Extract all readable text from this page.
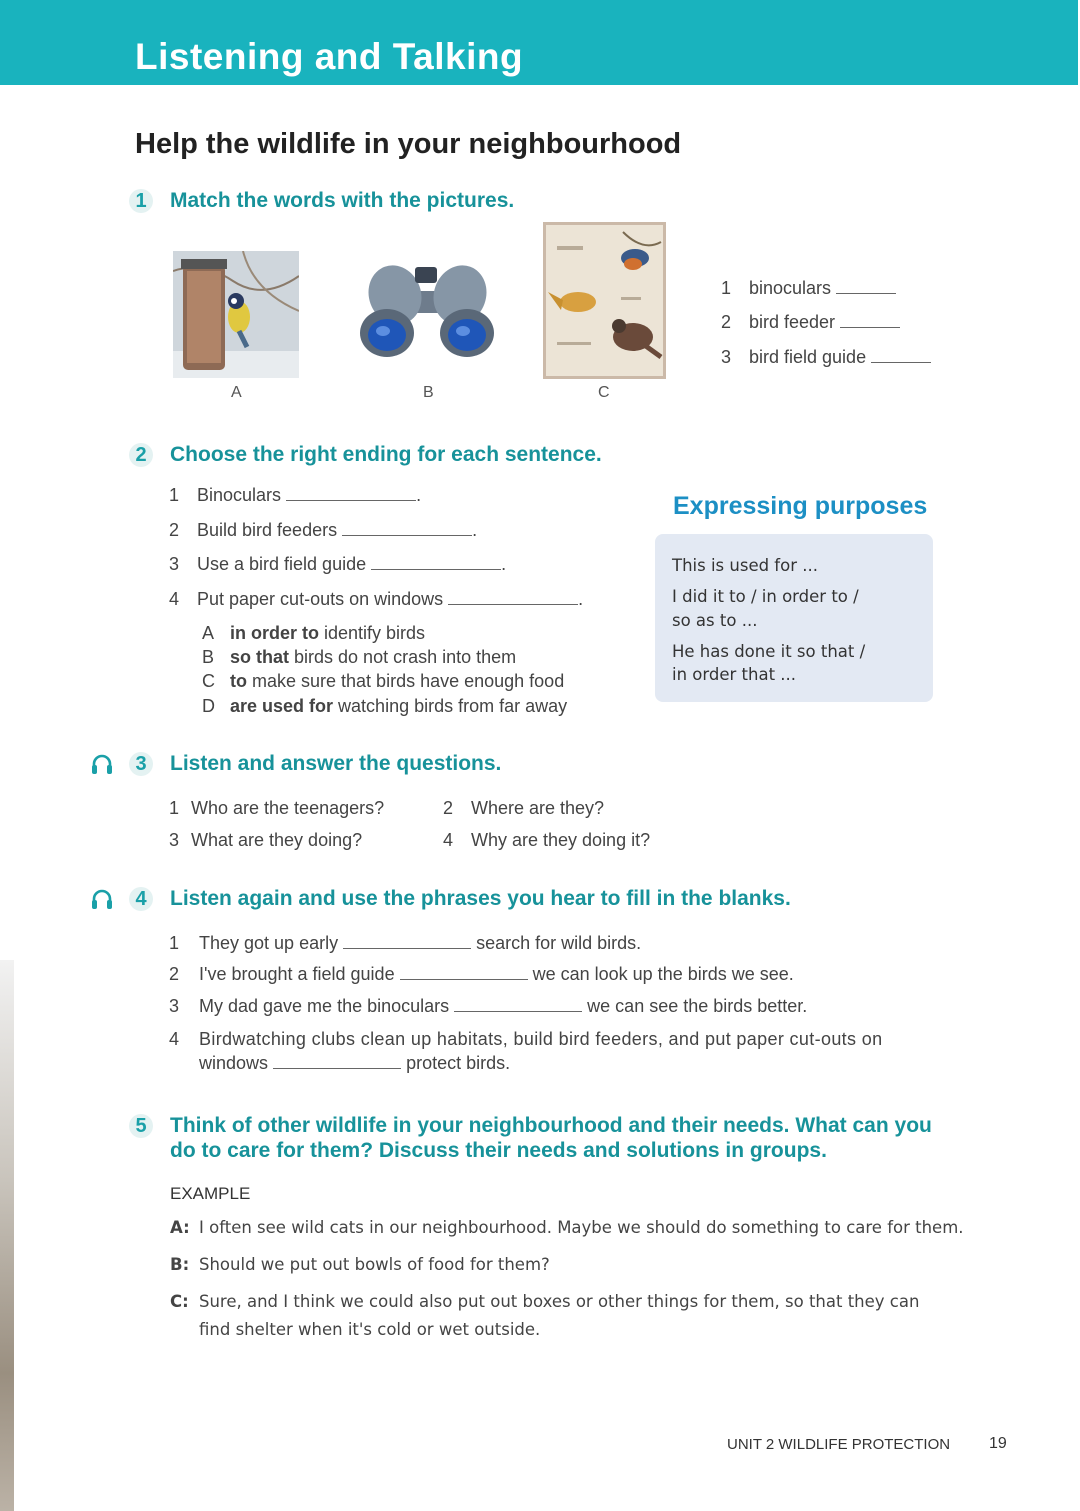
Listening and Talking
Help the wildlife in your neighbourhood
1	Match the words with the pictures.
A	B	C
1 binoculars
2 bird feeder
3 bird field guide
2	Choose the right ending for each sentence.
1 Binoculars	.
2 Build bird feeders	.
3 Use a bird field guide	.
4 Put paper cut-outs on windows	.
A in order to identify birds
B so that birds do not crash into them
C to make sure that birds have enough food
D are used for watching birds from far away
Expressing purposes
This is used for ...
I did it to / in order to /
so as to ...
He has done it so that /
in order that ...
3	Listen and answer the questions.
1 Who are the teenagers?	2 Where are they?
3 What are they doing?	4 Why are they doing it?
4	Listen again and use the phrases you hear to fill in the blanks.
1 They got up early	search for wild birds.
2 I've brought a field guide	we can look up the birds we see.
3 My dad gave me the binoculars	we can see the birds better.
4 Birdwatching clubs clean up habitats, build bird feeders, and put paper cut-outs on
windows	protect birds.
5	Think of other wildlife in your neighbourhood and their needs. What can you
do to care for them? Discuss their needs and solutions in groups.
EXAMPLE
A: I often see wild cats in our neighbourhood. Maybe we should do something to care for them.
B: Should we put out bowls of food for them?
C: Sure, and I think we could also put out boxes or other things for them, so that they can
find shelter when it's cold or wet outside.
UNIT 2 WILDLIFE PROTECTION 19
